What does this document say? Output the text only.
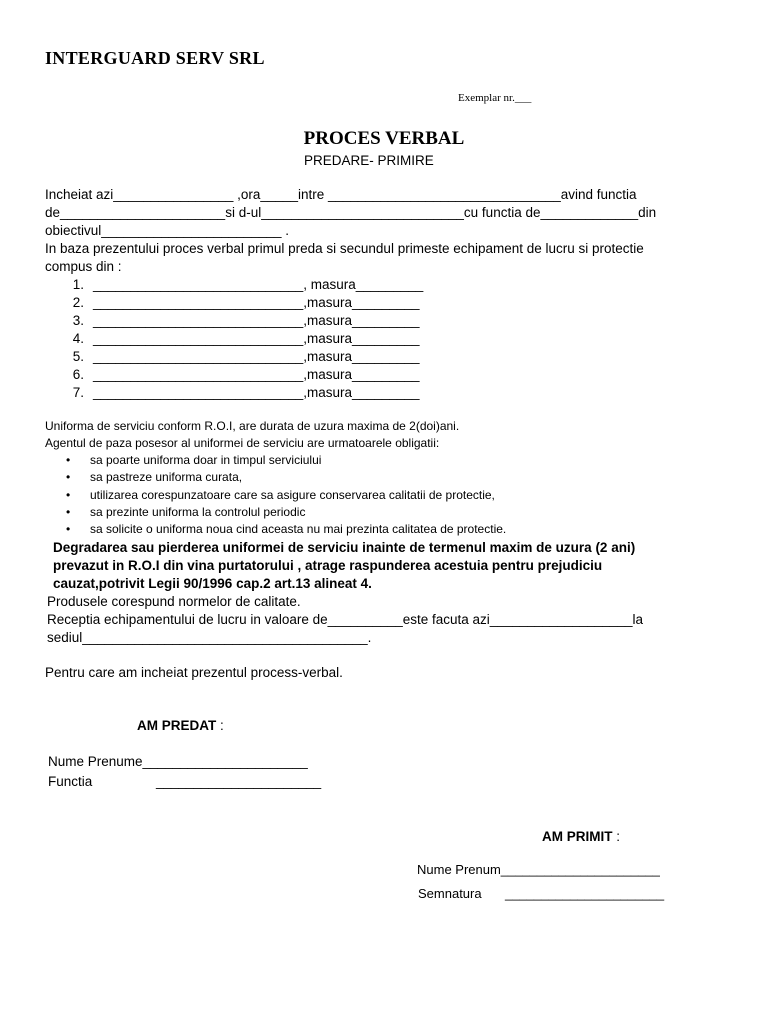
INTERGUARD SERV SRL
Exemplar nr.___
PROCES VERBAL
PREDARE- PRIMIRE
Incheiat azi________________ ,ora_____intre _______________________________avind functia
de______________________si d-ul___________________________cu functia de_____________din
obiectivul________________________ .
In baza prezentului proces verbal primul preda si secundul primeste echipament de lucru si protectie
compus din :
1. ____________________________, masura_________
2. ____________________________,masura_________
3. ____________________________,masura_________
4. ____________________________,masura_________
5. ____________________________,masura_________
6. ____________________________,masura_________
7. ____________________________,masura_________
Uniforma de serviciu conform R.O.I, are durata de uzura maxima de 2(doi)ani.
Agentul de paza posesor al uniformei de serviciu are urmatoarele obligatii:
• sa poarte uniforma doar in timpul serviciului
• sa pastreze uniforma curata,
• utilizarea corespunzatoare care sa asigure conservarea calitatii de protectie,
• sa prezinte uniforma la controlul periodic
• sa solicite o uniforma noua cind aceasta nu mai prezinta calitatea de protectie.
Degradarea sau pierderea uniformei de serviciu inainte de termenul maxim de uzura (2 ani)
prevazut in R.O.I din vina purtatorului , atrage raspunderea acestuia pentru prejudiciu
cauzat,potrivit Legii 90/1996 cap.2 art.13 alineat 4.
Produsele corespund normelor de calitate.
Receptia echipamentului de lucru in valoare de__________este facuta azi___________________la
sediul______________________________________.
Pentru care am incheiat prezentul process-verbal.
AM PREDAT :
Nume Prenume______________________
Functia	______________________
AM PRIMIT :
Nume Prenum______________________
Semnatura ______________________
